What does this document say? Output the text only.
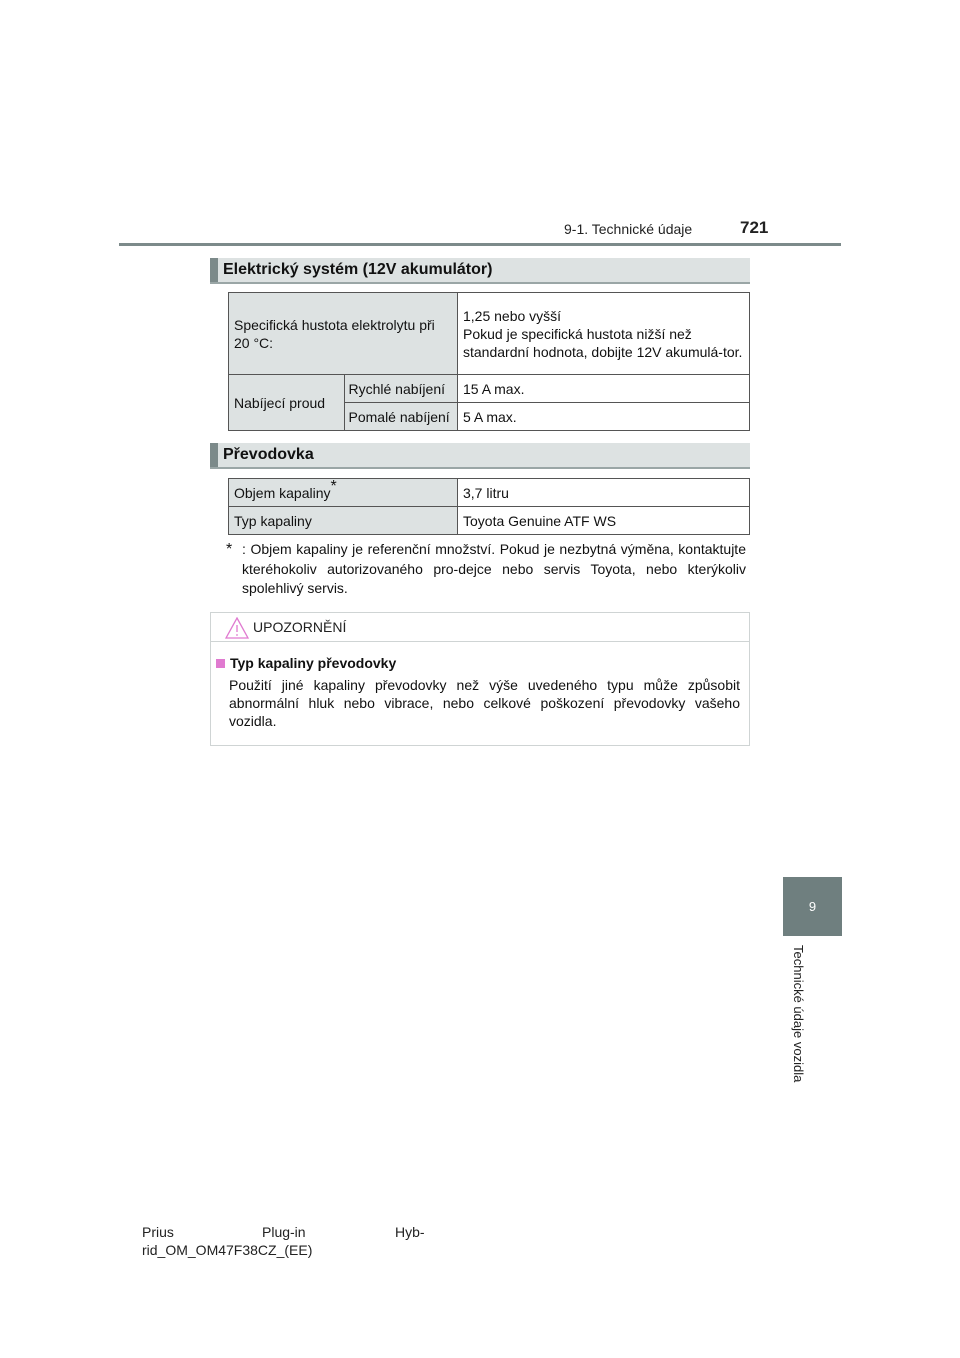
9-1. Technické údaje	721
9
Technické údaje vozidla
Elektrický systém (12V akumulátor)
Specifická hustota elektrolytu při 20 °C:		1,25 nebo vyšší
Pokud je specifická hustota nižší než standardní hodnota, dobijte 12V akumulá-tor.

Nabíjecí proud	Rychlé nabíjení	15 A max.
	Pomalé nabíjení	5 A max.
Převodovka
Objem kapaliny*	3,7 litru
Typ kapaliny	Toyota Genuine ATF WS
* : Objem kapaliny je referenční množství. Pokud je nezbytná výměna, kontaktujte kteréhokoliv autorizovaného pro-dejce nebo servis Toyota, nebo kterýkoliv spolehlivý servis.
UPOZORNĚNÍ
Typ kapaliny převodovky
Použití jiné kapaliny převodovky než výše uvedeného typu může způsobit abnormální hluk nebo vibrace, nebo celkové poškození převodovky vašeho vozidla.
Prius	Plug-in	Hyb-
rid_OM_OM47F38CZ_(EE)
